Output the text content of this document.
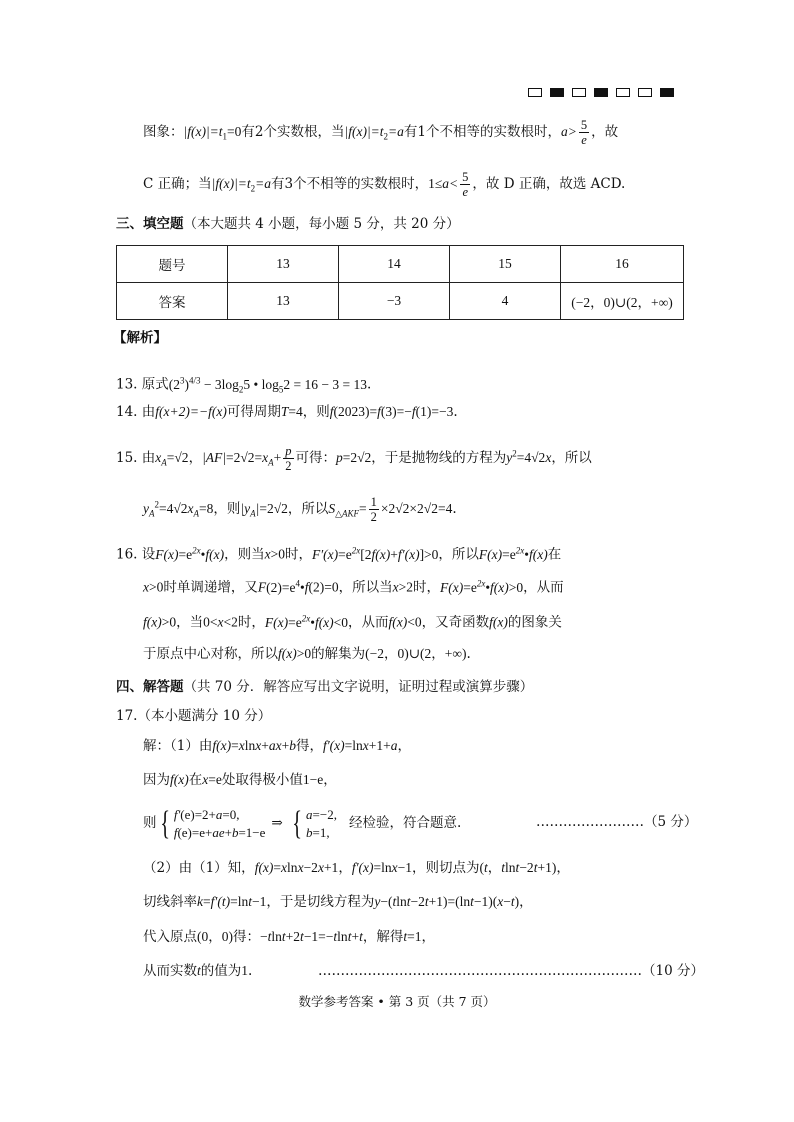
图象：$|f(x)|=t_1=0$有2个实数根，当$|f(x)|=t_2=a$有1个不相等的实数根时，$a> \frac{5}{e}$ ，故
C 正确；当$|f(x)|=t_2=a$有3个不相等的实数根时，$1\le a< \frac{5}{e}$ ，故 D 正确，故选 ACD.
三、填空题（本大题共 4 小题，每小题 5 分，共 20 分）
题号	13	14	15	16
答案	13	−3	4	(−2，0)∪(2，+∞)
【解析】
13. 原式$(2^3)^{4/3} - 3\log_25$ • $\log_52 = 16 - 3 = 13$.
14. 由f(x+2)=−f(x)可得周期T=4，则f(2023)=f(3)=−f(1)=−3.
15. 由$x_A=√2$，$|AF|=2√2=x_A+ \frac{p}{2}$ 可得：p=2√2，于是抛物线的方程为$y^2=4√2x$，所以
$y_A^2=4√2x_A=8$，则$|y_A|=2√2$，所以$S_{\triangle AKF}= \frac{1}{2} \times 2√2\times 2√2=4$.
16. 设$F(x)=e^{2x}•f(x)$，则当x>0时，$F'(x)=e^{2x}[2f(x)+f'(x)]>0$，所以$F(x)=e^{2x}•f(x)$在
x>0时单调递增，又$F(2)=e^4•f(2)=0$，所以当x>2时，$F(x)=e^{2x}•f(x)>0$，从而
f(x)>0，当0<x<2时，$F(x)=e^{2x}•f(x)<0$，从而f(x)<0，又奇函数f(x)的图象关
于原点中心对称，所以f(x)>0的解集为(−2，0)∪(2，+∞).
四、解答题（共 70 分．解答应写出文字说明，证明过程或演算步骤）
17.（本小题满分 10 分）
解：（1）由f(x)=xlnx+ax+b得，f′(x)=lnx+1+a，
因为f(x)在x=e处取得极小值1−e，
则 { f′(e)=2+a=0,
f(e)=e+ae+b=1−e
⇒ { a=−2,
b=1,
经检验，符合题意.	……………………（5 分）
（2）由（1）知，f(x)=xlnx−2x+1，f′(x)=lnx−1，则切点为(t，tlnt−2t+1)，
切线斜率k=f′(t)=lnt−1，于是切线方程为y−(tlnt−2t+1)=(lnt−1)(x−t)，
代入原点(0，0)得：−tlnt+2t−1=−tlnt+t，解得t=1，
从而实数t的值为1.	………………………………………………………………（10 分）
数学参考答案 • 第 3 页（共 7 页）
